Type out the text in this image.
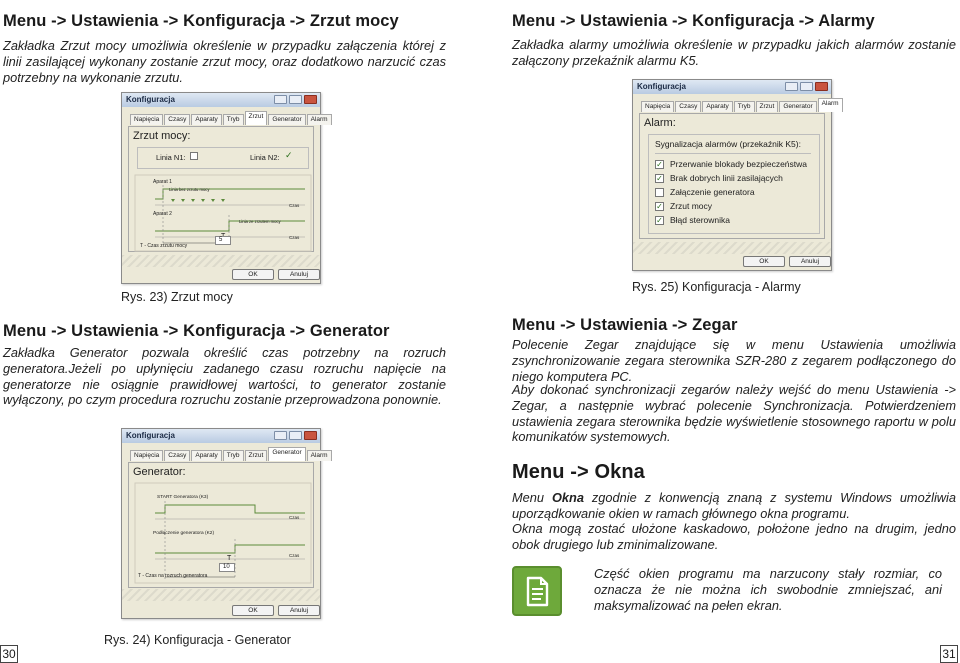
Menu -> Ustawienia -> Konfiguracja -> Zrzut mocy

Zakładka Zrzut mocy umożliwia określenie w przypadku załączenia której z linii zasilającej wykonany zostanie zrzut mocy, oraz dodatkowo narzucić czas potrzebny na wykonanie zrzutu.

Konfiguracja
Napięcia	Czasy	Aparaty	Tryb	Zrzut	Generator	Alarm
Zrzut mocy:
Linia N1:	Linia N2: ✓
Aparat 1
Linia bez zrzutu mocy
Czas
Aparat 2
Linia ze zrzutem mocy
Czas
5
T - Czas zrzutu mocy
OK	Anuluj
Rys. 23) Zrzut mocy
Menu -> Ustawienia -> Konfiguracja -> Generator

Zakładka Generator pozwala określić czas potrzebny na rozruch generatora.Jeżeli po upłynięciu zadanego czasu rozruchu napięcie na generatorze nie osiągnie prawidłowej wartości, to generator zostanie wyłączony, po czym procedura rozruchu zostanie przeprowadzona ponownie.

Konfiguracja
Napięcia	Czasy	Aparaty	Tryb	Zrzut	Generator	Alarm
Generator:
START Generatora (K3)
Czas
Podłączenie generatora (K2)
Czas
T
10
T - Czas na rozruch generatora
OK	Anuluj
Rys. 24) Konfiguracja - Generator
30
Menu -> Ustawienia -> Konfiguracja -> Alarmy

Zakładka alarmy umożliwia określenie w przypadku jakich alarmów zostanie załączony przekaźnik alarmu K5.

Konfiguracja
Napięcia	Czasy	Aparaty	Tryb	Zrzut	Generator	Alarm
Alarm:
Sygnalizacja alarmów (przekaźnik K5):
✓ Przerwanie blokady bezpieczeństwa
✓ Brak dobrych linii zasilających
Załączenie generatora
✓ Zrzut mocy
✓ Błąd sterownika
OK	Anuluj
Rys. 25) Konfiguracja - Alarmy
Menu -> Ustawienia -> Zegar

Polecenie Zegar znajdujące się w menu Ustawienia umożliwia zsynchronizowanie zegara sterownika SZR-280 z zegarem podłączonego do niego komputera PC.

Aby dokonać synchronizacji zegarów należy wejść do menu Ustawienia -> Zegar, a następnie wybrać polecenie Synchronizacja. Potwierdzeniem ustawienia zegara sterownika będzie wyświetlenie stosownego raportu w polu komunikatów systemowych.

Menu -> Okna

Menu Okna zgodnie z konwencją znaną z systemu Windows umożliwia uporządkowanie okien w ramach głównego okna programu.

Okna mogą zostać ułożone kaskadowo, położone jedno na drugim, jedno obok drugiego lub zminimalizowane.

Część okien programu ma narzucony stały rozmiar, co oznacza że nie można ich swobodnie zmniejszać, ani maksymalizować na pełen ekran.

31
